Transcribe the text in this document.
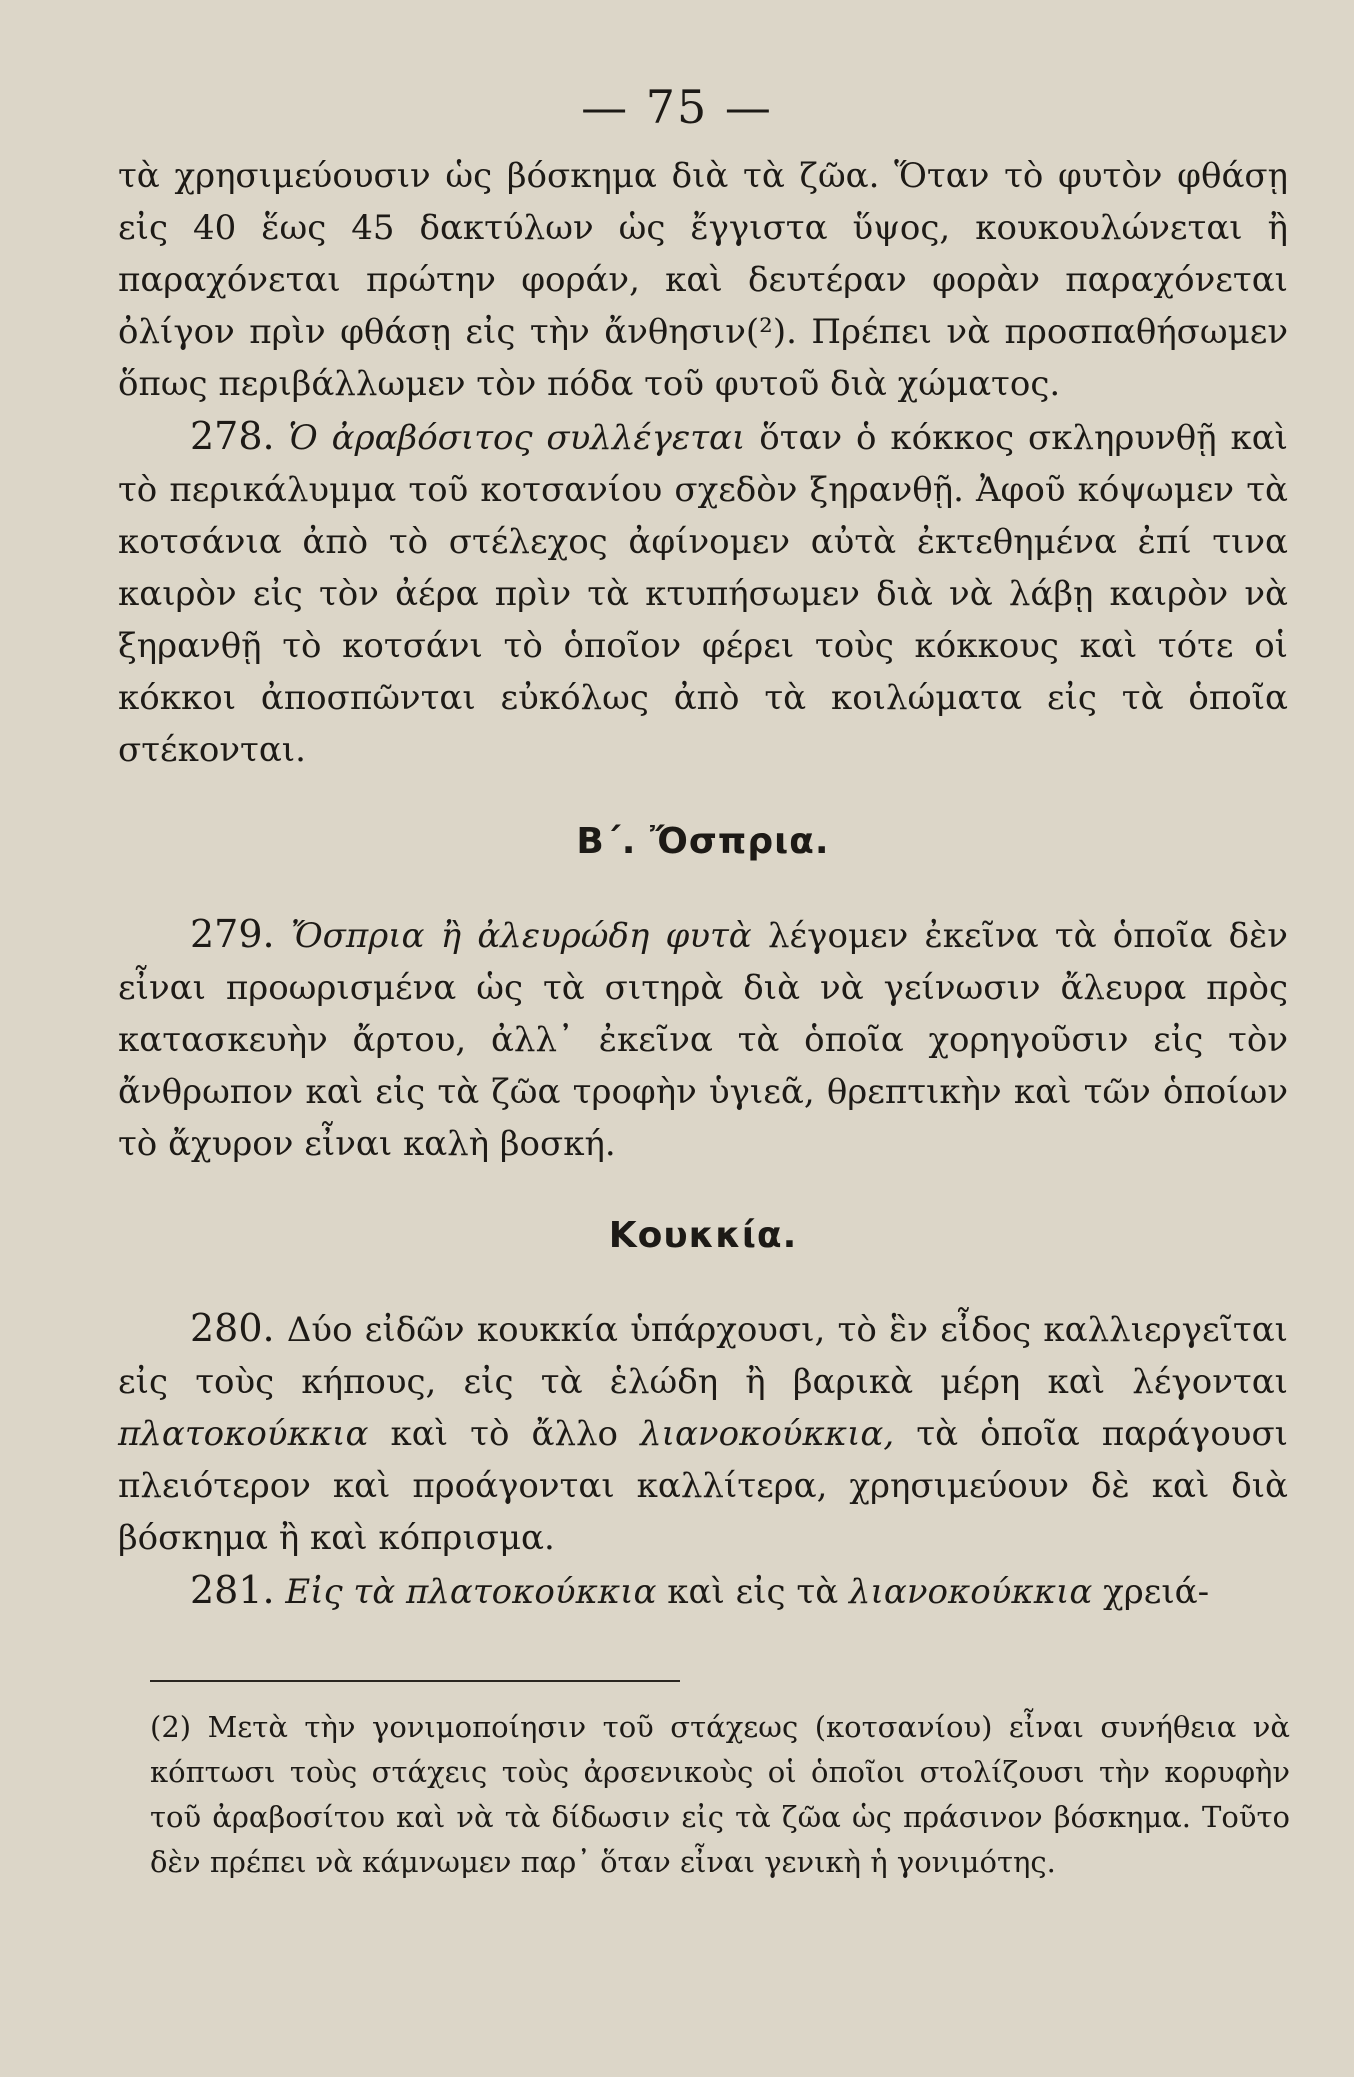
— 75 —

τὰ χρησιμεύουσιν ὡς βόσκημα διὰ τὰ ζῶα. Ὅταν τὸ φυτὸν φθάσῃ εἰς 40 ἕως 45 δακτύλων ὡς ἔγγιστα ὕψος, κουκουλώνεται ἢ παραχόνεται πρώτην φοράν, καὶ δευτέραν φορὰν παραχόνεται ὀλίγον πρὶν φθάσῃ εἰς τὴν ἄνθησιν(²). Πρέπει νὰ προσπαθήσωμεν ὅπως περιβάλλωμεν τὸν πόδα τοῦ φυτοῦ διὰ χώματος.

278. Ὁ ἀραβόσιτος συλλέγεται ὅταν ὁ κόκκος σκληρυνθῇ καὶ τὸ περικάλυμμα τοῦ κοτσανίου σχεδὸν ξηρανθῇ. Ἀφοῦ κόψωμεν τὰ κοτσάνια ἀπὸ τὸ στέλεχος ἀφίνομεν αὐτὰ ἐκτεθημένα ἐπί τινα καιρὸν εἰς τὸν ἀέρα πρὶν τὰ κτυπήσωμεν διὰ νὰ λάβῃ καιρὸν νὰ ξηρανθῇ τὸ κοτσάνι τὸ ὁποῖον φέρει τοὺς κόκκους καὶ τότε οἱ κόκκοι ἀποσπῶνται εὐκόλως ἀπὸ τὰ κοιλώματα εἰς τὰ ὁποῖα στέκονται.

Β΄. Ὄσπρια.

279. Ὄσπρια ἢ ἀλευρώδη φυτὰ λέγομεν ἐκεῖνα τὰ ὁποῖα δὲν εἶναι προωρισμένα ὡς τὰ σιτηρὰ διὰ νὰ γείνωσιν ἄλευρα πρὸς κατασκευὴν ἄρτου, ἀλλ᾽ ἐκεῖνα τὰ ὁποῖα χορηγοῦσιν εἰς τὸν ἄνθρωπον καὶ εἰς τὰ ζῶα τροφὴν ὑγιεᾶ, θρεπτικὴν καὶ τῶν ὁποίων τὸ ἄχυρον εἶναι καλὴ βοσκή.

Κουκκία.

280. Δύο εἰδῶν κουκκία ὑπάρχουσι, τὸ ἓν εἶδος καλλιεργεῖται εἰς τοὺς κήπους, εἰς τὰ ἑλώδη ἢ βαρικὰ μέρη καὶ λέγονται πλατοκούκκια καὶ τὸ ἄλλο λιανοκούκκια, τὰ ὁποῖα παράγουσι πλειότερον καὶ προάγονται καλλίτερα, χρησιμεύουν δὲ καὶ διὰ βόσκημα ἢ καὶ κόπρισμα.

281. Εἰς τὰ πλατοκούκκια καὶ εἰς τὰ λιανοκούκκια χρειά-

(2) Μετὰ τὴν γονιμοποίησιν τοῦ στάχεως (κοτσανίου) εἶναι συνήθεια νὰ κόπτωσι τοὺς στάχεις τοὺς ἀρσενικοὺς οἱ ὁποῖοι στολίζουσι τὴν κορυφὴν τοῦ ἀραβοσίτου καὶ νὰ τὰ δίδωσιν εἰς τὰ ζῶα ὡς πράσινον βόσκημα. Τοῦτο δὲν πρέπει νὰ κάμνωμεν παρ᾽ ὅταν εἶναι γενικὴ ἡ γονιμότης.
